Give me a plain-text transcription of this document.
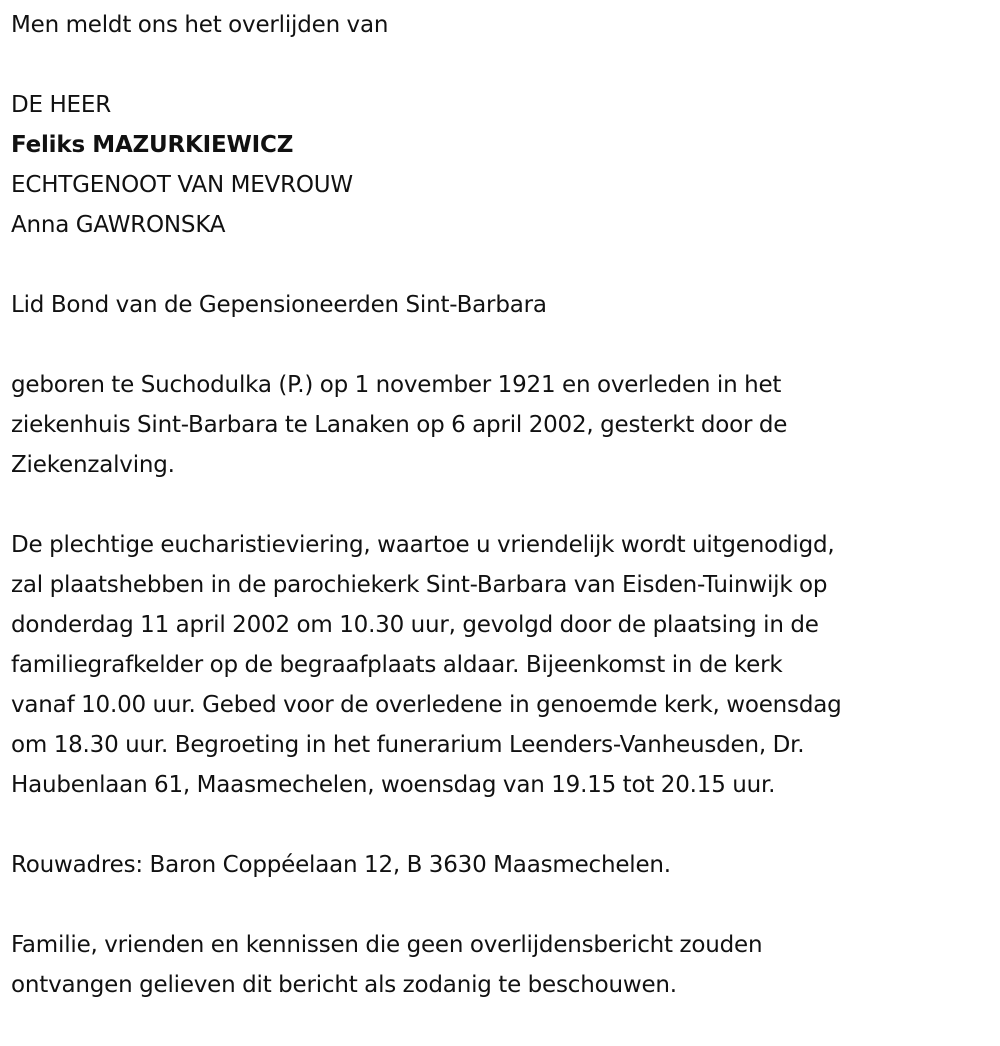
Men meldt ons het overlijden van
DE HEER
Feliks MAZURKIEWICZ
ECHTGENOOT VAN MEVROUW
Anna GAWRONSKA
Lid Bond van de Gepensioneerden Sint-Barbara
geboren te Suchodulka (P.) op 1 november 1921 en overleden in het
ziekenhuis Sint-Barbara te Lanaken op 6 april 2002, gesterkt door de
Ziekenzalving.
De plechtige eucharistieviering, waartoe u vriendelijk wordt uitgenodigd,
zal plaatshebben in de parochiekerk Sint-Barbara van Eisden-Tuinwijk op
donderdag 11 april 2002 om 10.30 uur, gevolgd door de plaatsing in de
familiegrafkelder op de begraafplaats aldaar. Bijeenkomst in de kerk
vanaf 10.00 uur. Gebed voor de overledene in genoemde kerk, woensdag
om 18.30 uur. Begroeting in het funerarium Leenders-Vanheusden, Dr.
Haubenlaan 61, Maasmechelen, woensdag van 19.15 tot 20.15 uur.
Rouwadres: Baron Coppéelaan 12, B 3630 Maasmechelen.
Familie, vrienden en kennissen die geen overlijdensbericht zouden
ontvangen gelieven dit bericht als zodanig te beschouwen.
